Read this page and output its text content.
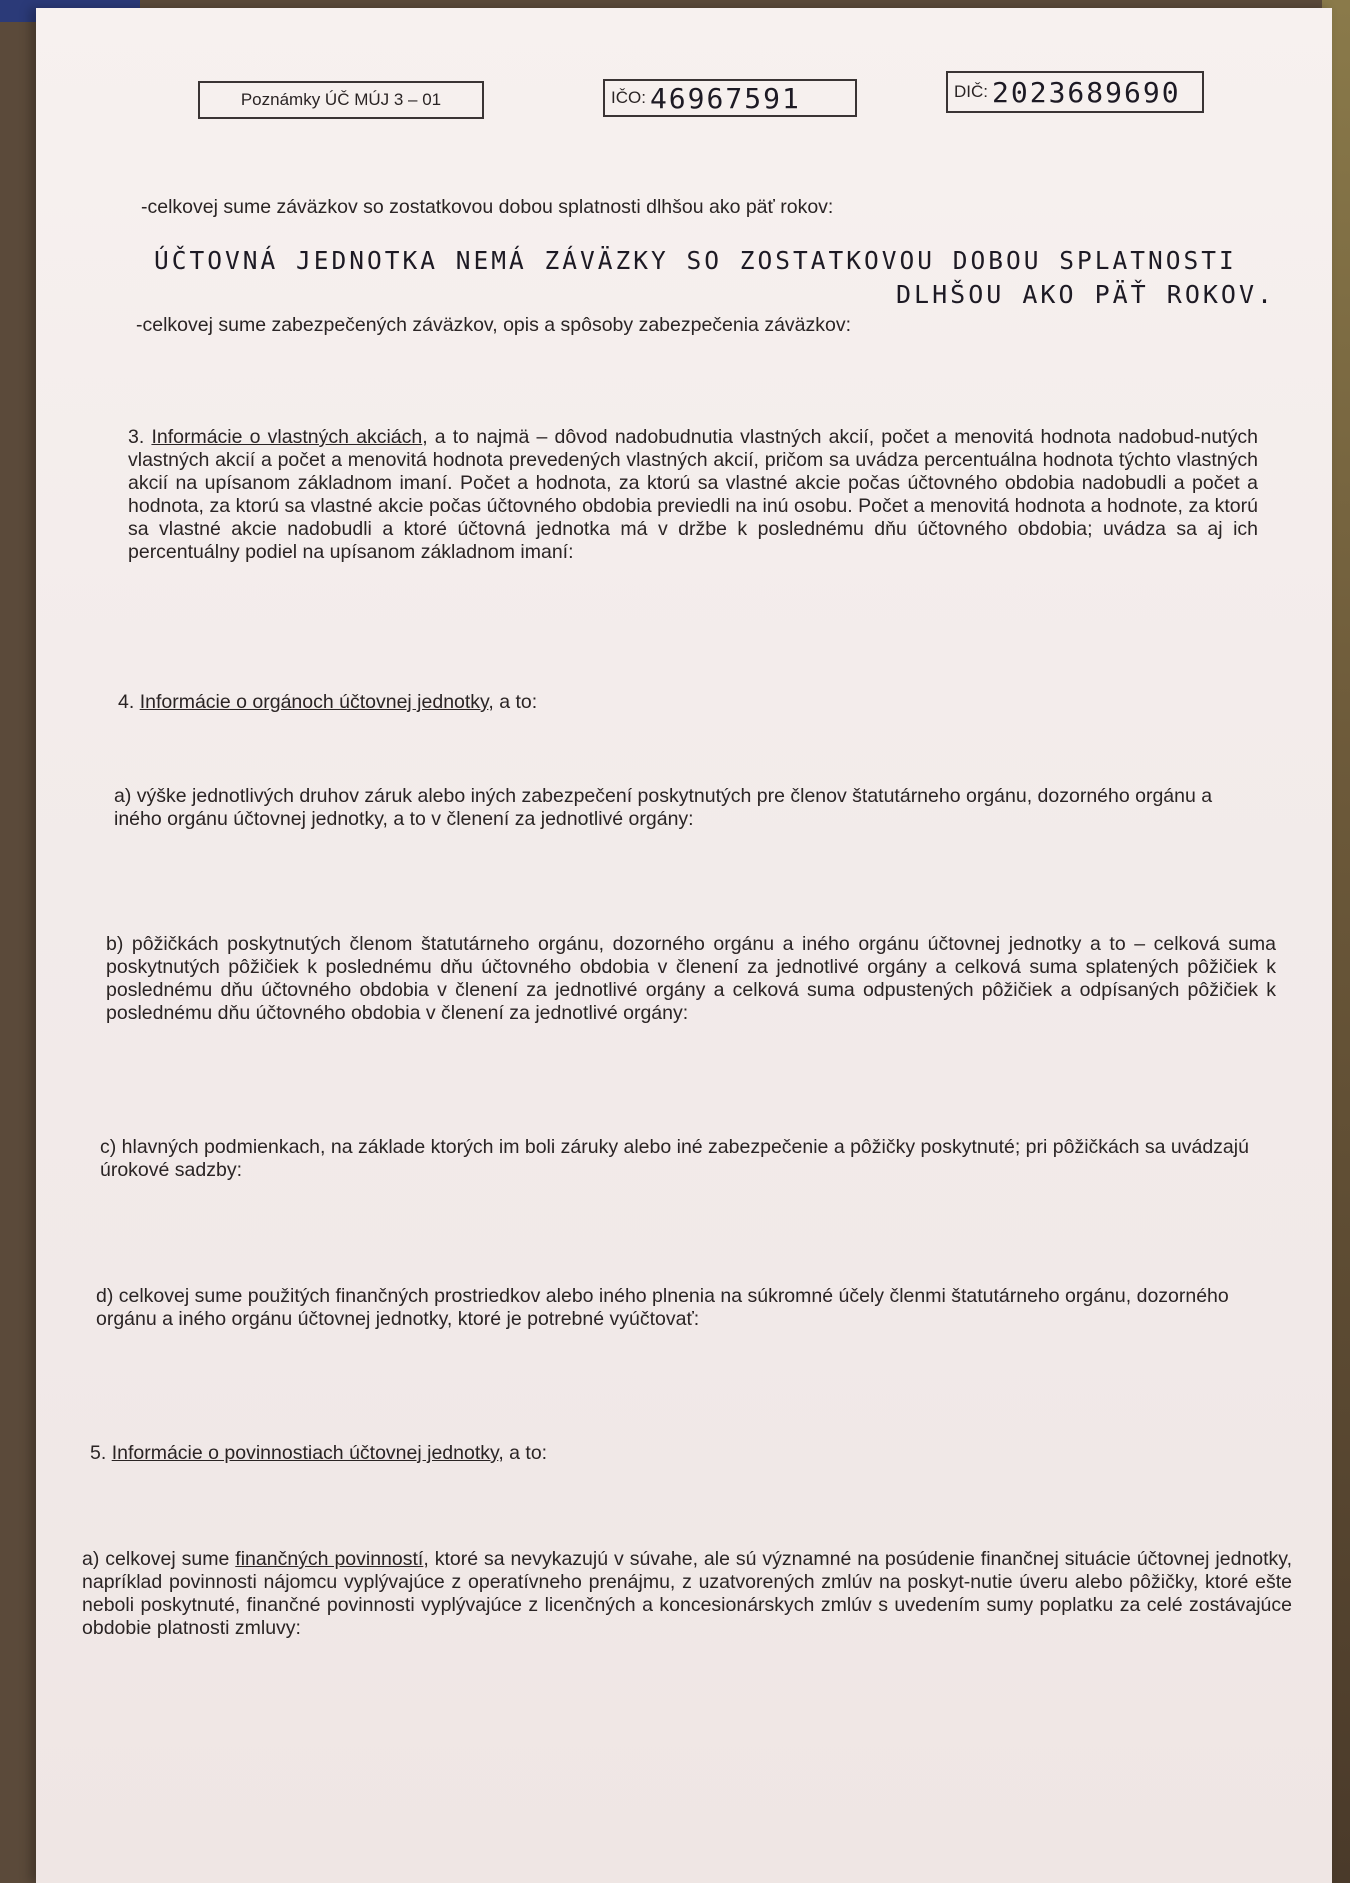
Poznámky ÚČ MÚJ 3 – 01	IČO: 46967591	DIČ: 2023689690
-celkovej sume záväzkov so zostatkovou dobou splatnosti dlhšou ako päť rokov:
ÚČTOVNÁ JEDNOTKA NEMÁ ZÁVÄZKY SO ZOSTATKOVOU DOBOU SPLATNOSTI
DLHŠOU AKO PÄŤ ROKOV.
-celkovej sume zabezpečených záväzkov, opis a spôsoby zabezpečenia záväzkov:
3. Informácie o vlastných akciách, a to najmä – dôvod nadobudnutia vlastných akcií, počet a menovitá hodnota nadobud-nutých vlastných akcií a počet a menovitá hodnota prevedených vlastných akcií, pričom sa uvádza percentuálna hodnota týchto vlastných akcií na upísanom základnom imaní. Počet a hodnota, za ktorú sa vlastné akcie počas účtovného obdobia nadobudli a počet a hodnota, za ktorú sa vlastné akcie počas účtovného obdobia previedli na inú osobu. Počet a menovitá hodnota a hodnote, za ktorú sa vlastné akcie nadobudli a ktoré účtovná jednotka má v držbe k poslednému dňu účtovného obdobia; uvádza sa aj ich percentuálny podiel na upísanom základnom imaní:
4. Informácie o orgánoch účtovnej jednotky, a to:
a) výške jednotlivých druhov záruk alebo iných zabezpečení poskytnutých pre členov štatutárneho orgánu, dozorného orgánu a iného orgánu účtovnej jednotky, a to v členení za jednotlivé orgány:
b) pôžičkách poskytnutých členom štatutárneho orgánu, dozorného orgánu a iného orgánu účtovnej jednotky a to – celková suma poskytnutých pôžičiek k poslednému dňu účtovného obdobia v členení za jednotlivé orgány a celková suma splatených pôžičiek k poslednému dňu účtovného obdobia v členení za jednotlivé orgány a celková suma odpustených pôžičiek a odpísaných pôžičiek k poslednému dňu účtovného obdobia v členení za jednotlivé orgány:
c) hlavných podmienkach, na základe ktorých im boli záruky alebo iné zabezpečenie a pôžičky poskytnuté; pri pôžičkách sa uvádzajú úrokové sadzby:
d) celkovej sume použitých finančných prostriedkov alebo iného plnenia na súkromné účely členmi štatutárneho orgánu, dozorného orgánu a iného orgánu účtovnej jednotky, ktoré je potrebné vyúčtovať:
5. Informácie o povinnostiach účtovnej jednotky, a to:
a) celkovej sume finančných povinností, ktoré sa nevykazujú v súvahe, ale sú významné na posúdenie finančnej situácie účtovnej jednotky, napríklad povinnosti nájomcu vyplývajúce z operatívneho prenájmu, z uzatvorených zmlúv na poskyt-nutie úveru alebo pôžičky, ktoré ešte neboli poskytnuté, finančné povinnosti vyplývajúce z licenčných a koncesionárskych zmlúv s uvedením sumy poplatku za celé zostávajúce obdobie platnosti zmluvy:
